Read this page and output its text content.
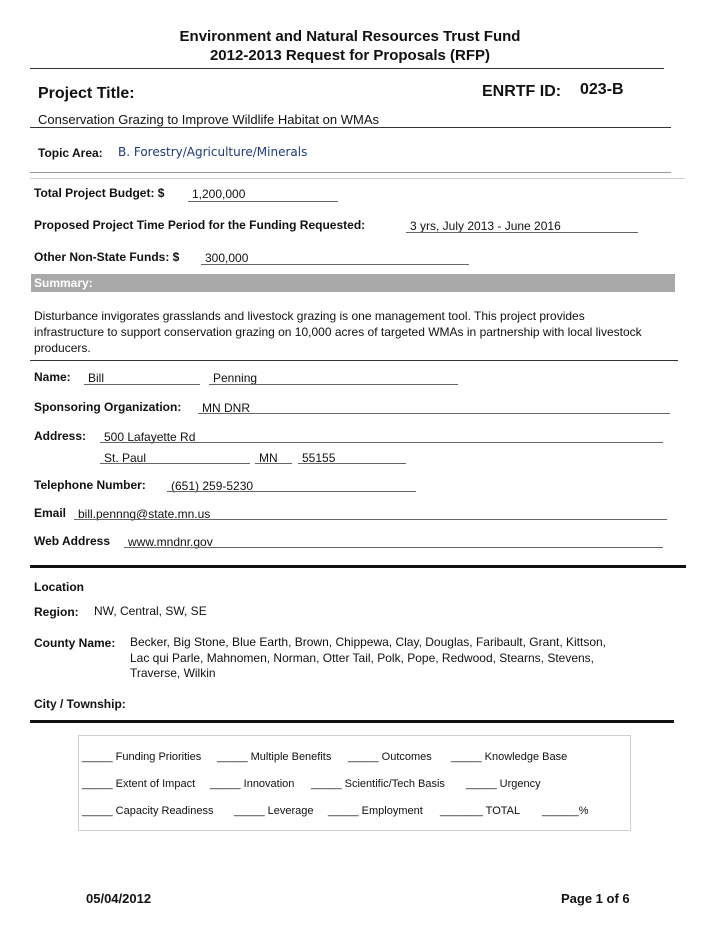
Environment and Natural Resources Trust Fund
2012-2013 Request for Proposals (RFP)
Project Title:	ENRTF ID: 023-B
Conservation Grazing to Improve Wildlife Habitat on WMAs
Topic Area: B. Forestry/Agriculture/Minerals
Total Project Budget: $ 1,200,000
Proposed Project Time Period for the Funding Requested:	3 yrs, July 2013 - June 2016
Other Non-State Funds: $ 300,000
Summary:
Disturbance invigorates grasslands and livestock grazing is one management tool. This project provides infrastructure to support conservation grazing on 10,000 acres of targeted WMAs in partnership with local livestock producers.
Name: Bill	Penning
Sponsoring Organization: MN DNR
Address: 500 Lafayette Rd
St. Paul	MN 55155
Telephone Number: (651) 259-5230
Email bill.pennng@state.mn.us
Web Address www.mndnr.gov
Location
Region: NW, Central, SW, SE
County Name: Becker, Big Stone, Blue Earth, Brown, Chippewa, Clay, Douglas, Faribault, Grant, Kittson,
Lac qui Parle, Mahnomen, Norman, Otter Tail, Polk, Pope, Redwood, Stearns, Stevens,
Traverse, Wilkin
City / Township:
_____ Funding Priorities _____ Multiple Benefits _____ Outcomes _____ Knowledge Base
_____ Extent of Impact _____ Innovation _____ Scientific/Tech Basis _____ Urgency
_____ Capacity Readiness _____ Leverage _____ Employment _______ TOTAL ______%
05/04/2012	Page 1 of 6
